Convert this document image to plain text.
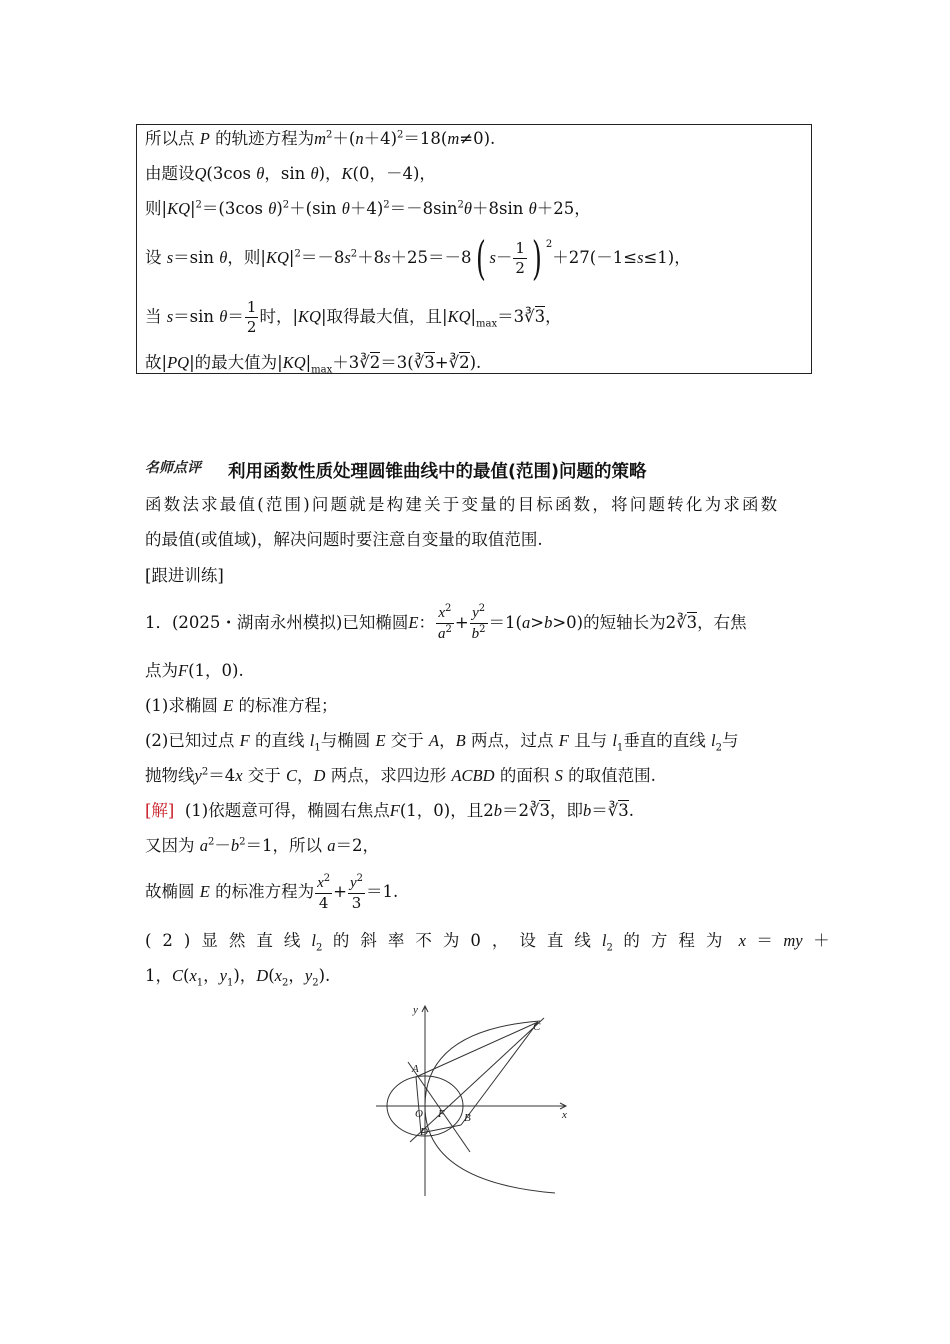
所以点 P 的轨迹方程为$m^2+(n+4)^2=18(m\ne 0)$.
由题设Q(3cos θ，sin θ)，K(0，－4)，
则$|KQ|^2=(3\cos$ θ)$^2$＋(sin $\theta+4)^2=-8\sin^2\theta+8\sin$ θ＋25，
设 s＝sin θ，则$|KQ|^2=-8s^2+8s+25=-8$( $s- \frac{1}{2}$ ) $^2$＋27(－1≤s≤1)，
当 s＝sin $\theta= \frac{1}{2}$ 时，|KQ|取得最大值，且$|KQ|_{max}=3∛3$，
故|PQ|的最大值为$|KQ|_{max}+3∛2=3(∛3+∛2)$.
名师点评 利用函数性质处理圆锥曲线中的最值(范围)问题的策略
函数法求最值(范围)问题就是构建关于变量的目标函数，将问题转化为求函数
的最值(或值域)，解决问题时要注意自变量的取值范围.
[跟进训练]
1．(2025・湖南永州模拟)已知椭圆E： $\frac{x^2}{a^2} + \frac{y^2}{b^2} =1(a>b>0)$的短轴长为2∛3，右焦
点为F(1，0).
(1)求椭圆 E 的标准方程；
(2)已知过点 F 的直线 $l_1$与椭圆 E 交于 A，B 两点，过点 F 且与 $l_1$垂直的直线 $l_2$与
抛物线$y^2=4x$ 交于 C，D 两点，求四边形 ACBD 的面积 S 的取值范围.
[解] (1)依题意可得，椭圆右焦点F(1，0)，且2b＝2∛3，即b＝∛3.
又因为 $a^2-b^2=1$，所以 a＝2，
故椭圆 E 的标准方程为 $\frac{x^2}{4} + \frac{y^2}{3} =1$.
(2)显然直线$l_2$ 的斜率不为0，设直线$l_2$ 的方程为 x ＝ my ＋
1，$C(x_1$，$y_1$)，$D(x_2$，$y_2$).
y
x
A
B
C
D
O F
